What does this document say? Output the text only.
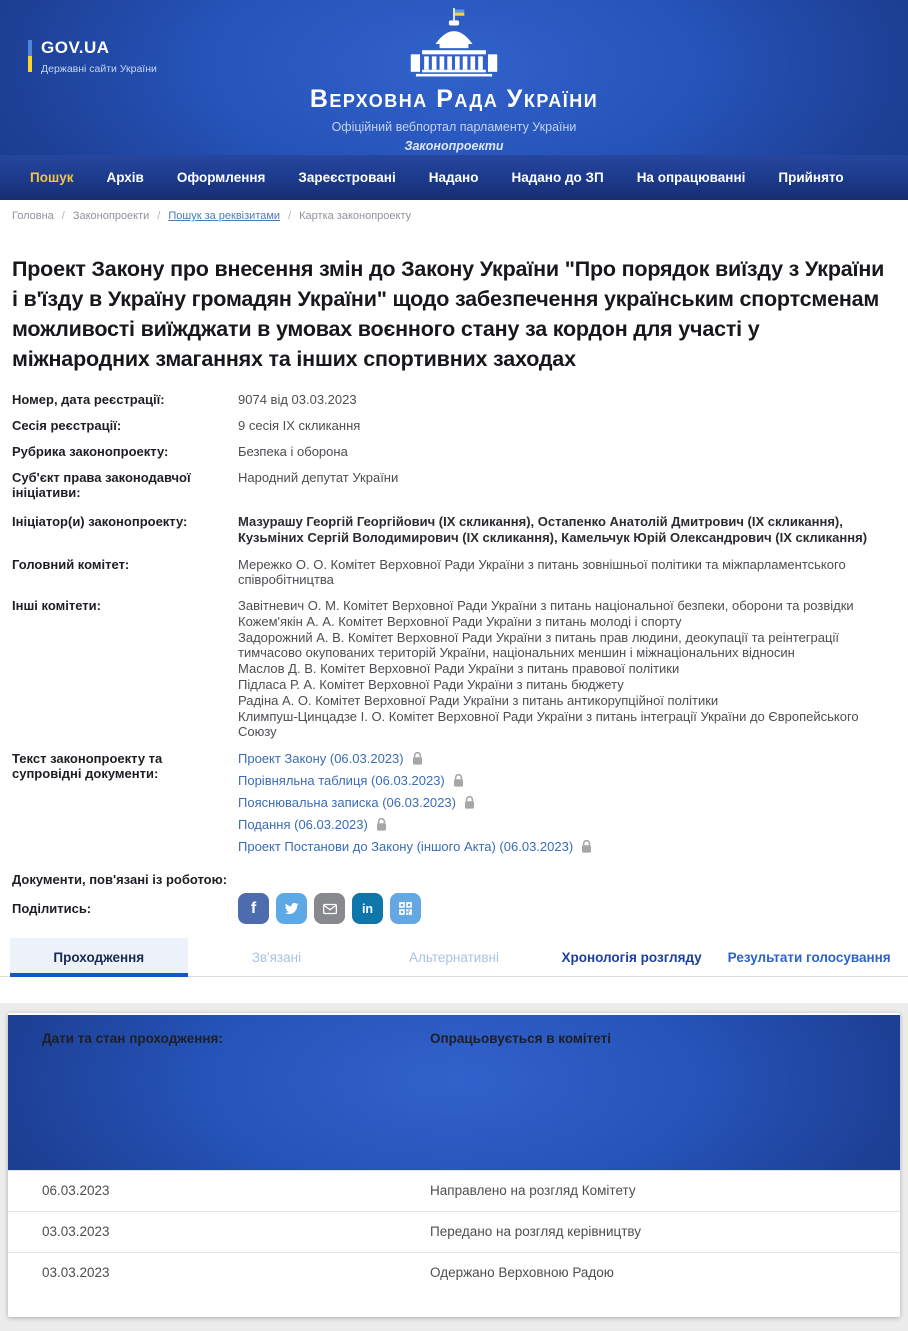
GOV.UA
Державні сайти України
Верховна Рада України
Офіційний вебпортал парламенту України
Законопроекти
Пошук Архів Оформлення Зареєстровані Надано Надано до ЗП На опрацюванні Прийнято
Головна / Законопроекти / Пошук за реквізитами / Картка законопроекту
Проект Закону про внесення змін до Закону України "Про порядок виїзду з України і в'їзду в Україну громадян України" щодо забезпечення українським спортсменам можливості виїжджати в умовах воєнного стану за кордон для участі у міжнародних змаганнях та інших спортивних заходах
Номер, дата реєстрації:	9074 від 03.03.2023
Сесія реєстрації:	9 сесія ІХ скликання
Рубрика законопроекту:	Безпека і оборона
Суб'єкт права законодавчої ініціативи:
Народний депутат України
Ініціатор(и) законопроекту:	Мазурашу Георгій Георгійович (ІХ скликання), Остапенко Анатолій Дмитрович (ІХ скликання), Кузьміних Сергій Володимирович (ІХ скликання), Камельчук Юрій Олександрович (ІХ скликання)
Головний комітет:	Мережко О. О. Комітет Верховної Ради України з питань зовнішньої політики та міжпарламентського співробітництва
Інші комітети:	Завітневич О. М. Комітет Верховної Ради України з питань національної безпеки, оборони та розвідки
Кожем'якін А. А. Комітет Верховної Ради України з питань молоді і спорту
Задорожний А. В. Комітет Верховної Ради України з питань прав людини, деокупації та реінтеграції тимчасово окупованих територій України, національних меншин і міжнаціональних відносин
Маслов Д. В. Комітет Верховної Ради України з питань правової політики
Підласа Р. А. Комітет Верховної Ради України з питань бюджету
Радіна А. О. Комітет Верховної Ради України з питань антикорупційної політики
Климпуш-Цинцадзе І. О. Комітет Верховної Ради України з питань інтеграції України до Європейського Союзу
Текст законопроекту та супровідні документи:
Проект Закону (06.03.2023)
Порівняльна таблиця (06.03.2023)
Пояснювальна записка (06.03.2023)
Подання (06.03.2023)
Проект Постанови до Закону (іншого Акта) (06.03.2023)
Документи, пов'язані із роботою:
Поділитись:	f	in
Проходження	Зв'язані	Альтернативні	Хронологія розгляду	Результати голосування
Дати та стан проходження:	Опрацьовується в комітеті
06.03.2023	Направлено на розгляд Комітету
03.03.2023	Передано на розгляд керівництву
03.03.2023	Одержано Верховною Радою
